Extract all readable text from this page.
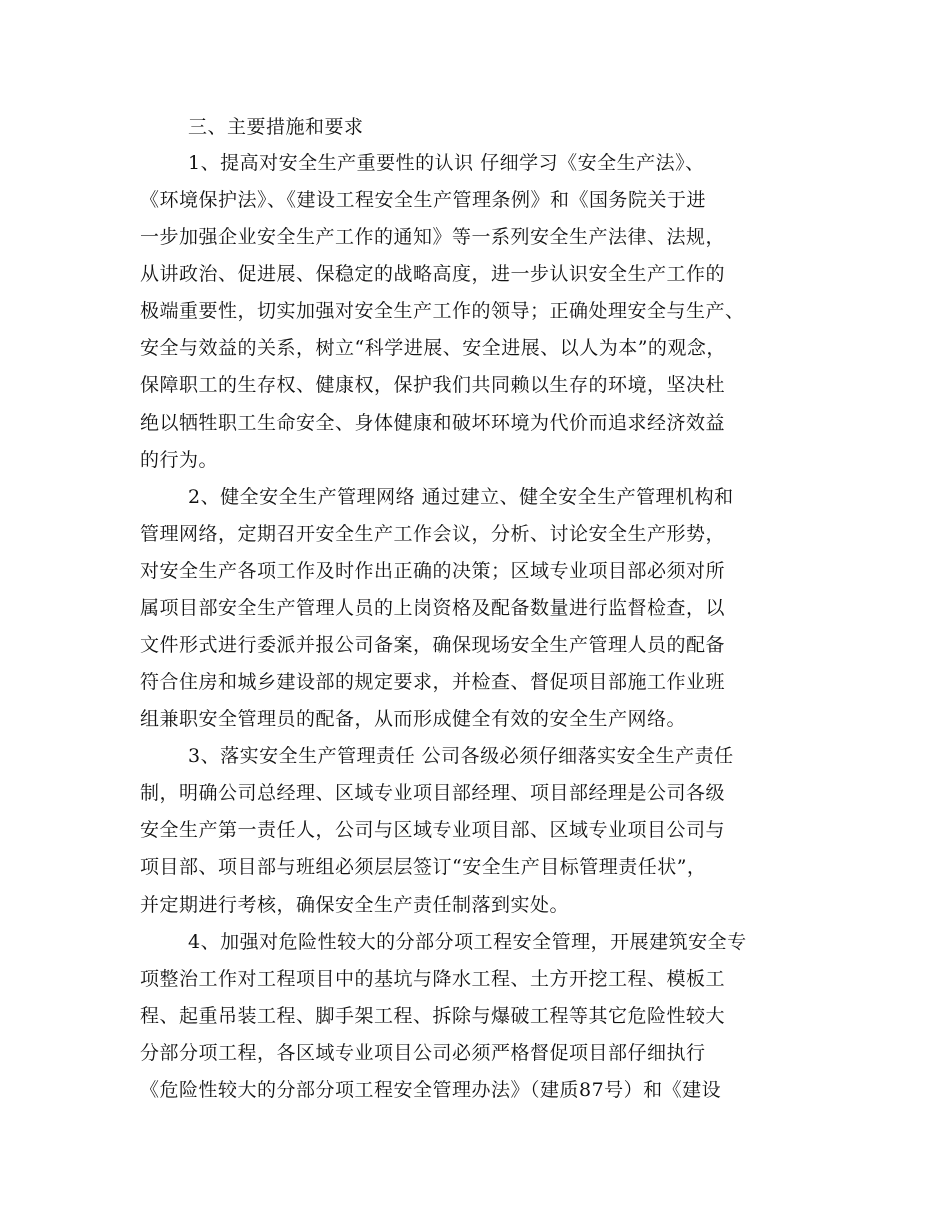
三、主要措施和要求
1、提高对安全生产重要性的认识 仔细学习《安全生产法》、
《环境保护法》、《建设工程安全生产管理条例》和《国务院关于进
一步加强企业安全生产工作的通知》等一系列安全生产法律、法规，
从讲政治、促进展、保稳定的战略高度，进一步认识安全生产工作的
极端重要性，切实加强对安全生产工作的领导；正确处理安全与生产、
安全与效益的关系，树立“科学进展、安全进展、以人为本”的观念，
保障职工的生存权、健康权，保护我们共同赖以生存的环境，坚决杜
绝以牺牲职工生命安全、身体健康和破坏环境为代价而追求经济效益
的行为。
2、健全安全生产管理网络 通过建立、健全安全生产管理机构和
管理网络，定期召开安全生产工作会议，分析、讨论安全生产形势，
对安全生产各项工作及时作出正确的决策；区域专业项目部必须对所
属项目部安全生产管理人员的上岗资格及配备数量进行监督检查，以
文件形式进行委派并报公司备案，确保现场安全生产管理人员的配备
符合住房和城乡建设部的规定要求，并检查、督促项目部施工作业班
组兼职安全管理员的配备，从而形成健全有效的安全生产网络。
3、落实安全生产管理责任 公司各级必须仔细落实安全生产责任
制，明确公司总经理、区域专业项目部经理、项目部经理是公司各级
安全生产第一责任人，公司与区域专业项目部、区域专业项目公司与
项目部、项目部与班组必须层层签订“安全生产目标管理责任状”，
并定期进行考核，确保安全生产责任制落到实处。
4、加强对危险性较大的分部分项工程安全管理，开展建筑安全专
项整治工作对工程项目中的基坑与降水工程、土方开挖工程、模板工
程、起重吊装工程、脚手架工程、拆除与爆破工程等其它危险性较大
分部分项工程，各区域专业项目公司必须严格督促项目部仔细执行
《危险性较大的分部分项工程安全管理办法》（建质87号）和《建设
